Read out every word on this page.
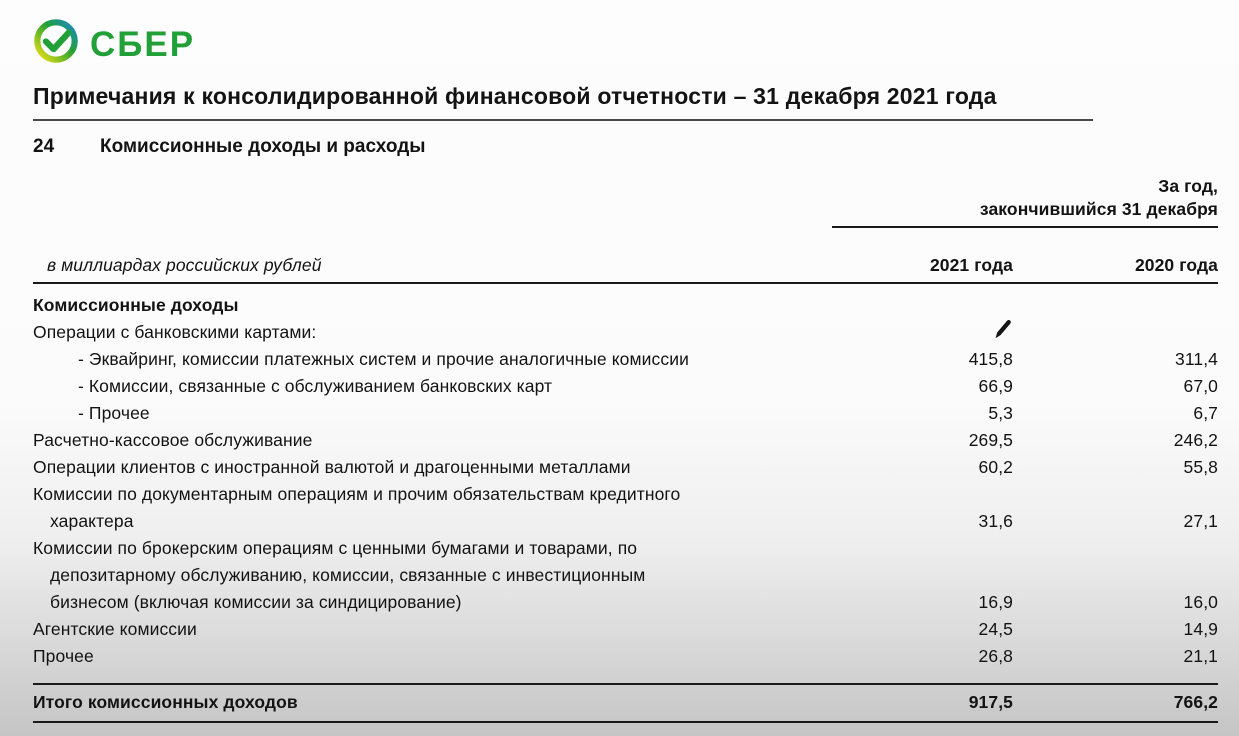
СБЕР
Примечания к консолидированной финансовой отчетности – 31 декабря 2021 года
24	Комиссионные доходы и расходы
За год,
закончившийся 31 декабря
в миллиардах российских рублей	2021 года	2020 года
Комиссионные доходы
Операции с банковскими картами:
- Эквайринг, комиссии платежных систем и прочие аналогичные комиссии	415,8	311,4
- Комиссии, связанные с обслуживанием банковских карт	66,9	67,0
- Прочее	5,3	6,7
Расчетно-кассовое обслуживание	269,5	246,2
Операции клиентов с иностранной валютой и драгоценными металлами	60,2	55,8
Комиссии по документарным операциям и прочим обязательствам кредитного
характера	31,6	27,1
Комиссии по брокерским операциям с ценными бумагами и товарами, по
депозитарному обслуживанию, комиссии, связанные с инвестиционным
бизнесом (включая комиссии за синдицирование)	16,9	16,0
Агентские комиссии	24,5	14,9
Прочее	26,8	21,1
Итого комиссионных доходов	917,5	766,2
